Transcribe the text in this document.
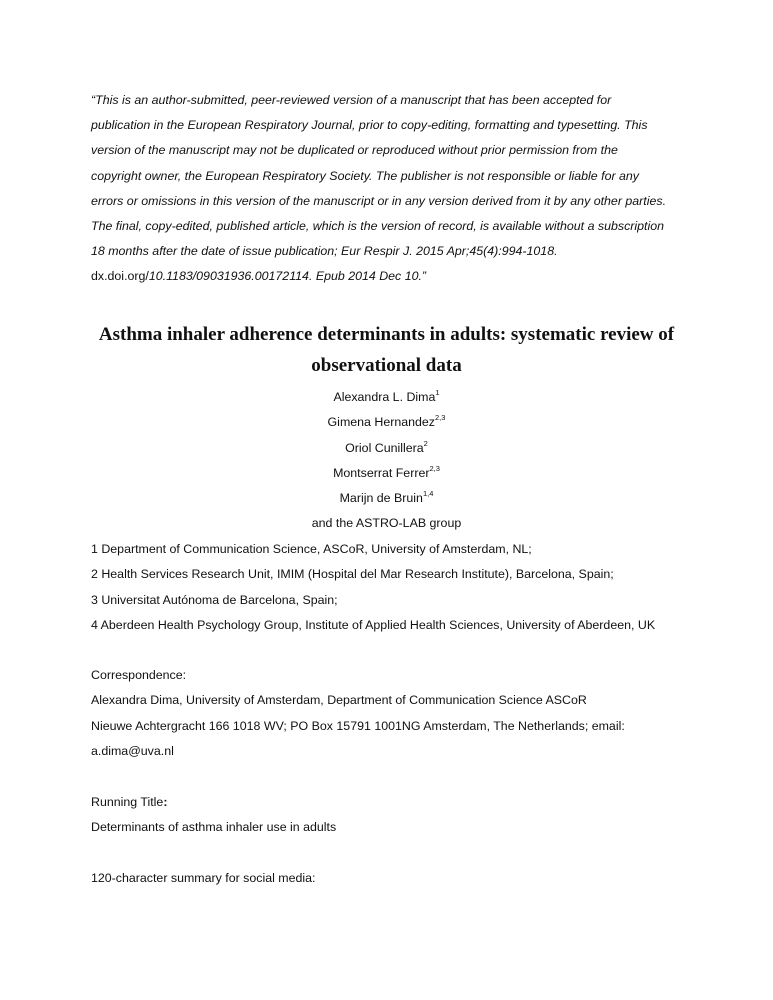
“This is an author-submitted, peer-reviewed version of a manuscript that has been accepted for
publication in the European Respiratory Journal, prior to copy-editing, formatting and typesetting. This
version of the manuscript may not be duplicated or reproduced without prior permission from the
copyright owner, the European Respiratory Society. The publisher is not responsible or liable for any
errors or omissions in this version of the manuscript or in any version derived from it by any other parties.
The final, copy-edited, published article, which is the version of record, is available without a subscription
18 months after the date of issue publication; Eur Respir J. 2015 Apr;45(4):994-1018.
dx.doi.org/10.1183/09031936.00172114. Epub 2014 Dec 10.”
Asthma inhaler adherence determinants in adults: systematic review of
observational data
Alexandra L. Dima$^1$
Gimena Hernandez$^{2,3}$
Oriol Cunillera$^2$
Montserrat Ferrer$^{2,3}$
Marijn de Bruin$^{1,4}$
and the ASTRO-LAB group
1 Department of Communication Science, ASCoR, University of Amsterdam, NL;
2 Health Services Research Unit, IMIM (Hospital del Mar Research Institute), Barcelona, Spain;
3 Universitat Autónoma de Barcelona, Spain;
4 Aberdeen Health Psychology Group, Institute of Applied Health Sciences, University of Aberdeen, UK
Correspondence:
Alexandra Dima, University of Amsterdam, Department of Communication Science ASCoR
Nieuwe Achtergracht 166 1018 WV; PO Box 15791 1001NG Amsterdam, The Netherlands; email:
a.dima@uva.nl
Running Title:
Determinants of asthma inhaler use in adults
120-character summary for social media:
